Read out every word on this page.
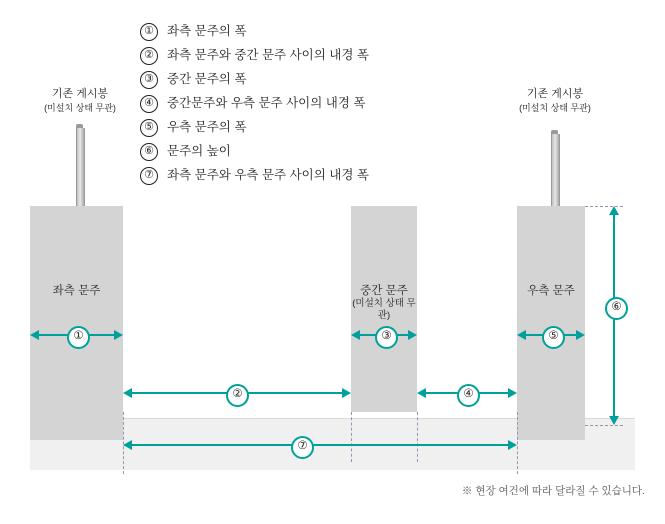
①	좌측 문주의 폭
②	좌측 문주와 중간 문주 사이의 내경 폭
③	중간 문주의 폭
④	중간문주와 우측 문주 사이의 내경 폭
⑤	우측 문주의 폭
⑥	문주의 높이
⑦	좌측 문주와 우측 문주 사이의 내경 폭
기존 게시봉
(미설치 상태 무관)
기존 게시봉
(미설치 상태 무관)
좌측 문주	중간 문주
(미설치 상태 무관)
우측 문주
①	③	⑤
②	④
⑦
⑥
※ 현장 여건에 따라 달라질 수 있습니다.
